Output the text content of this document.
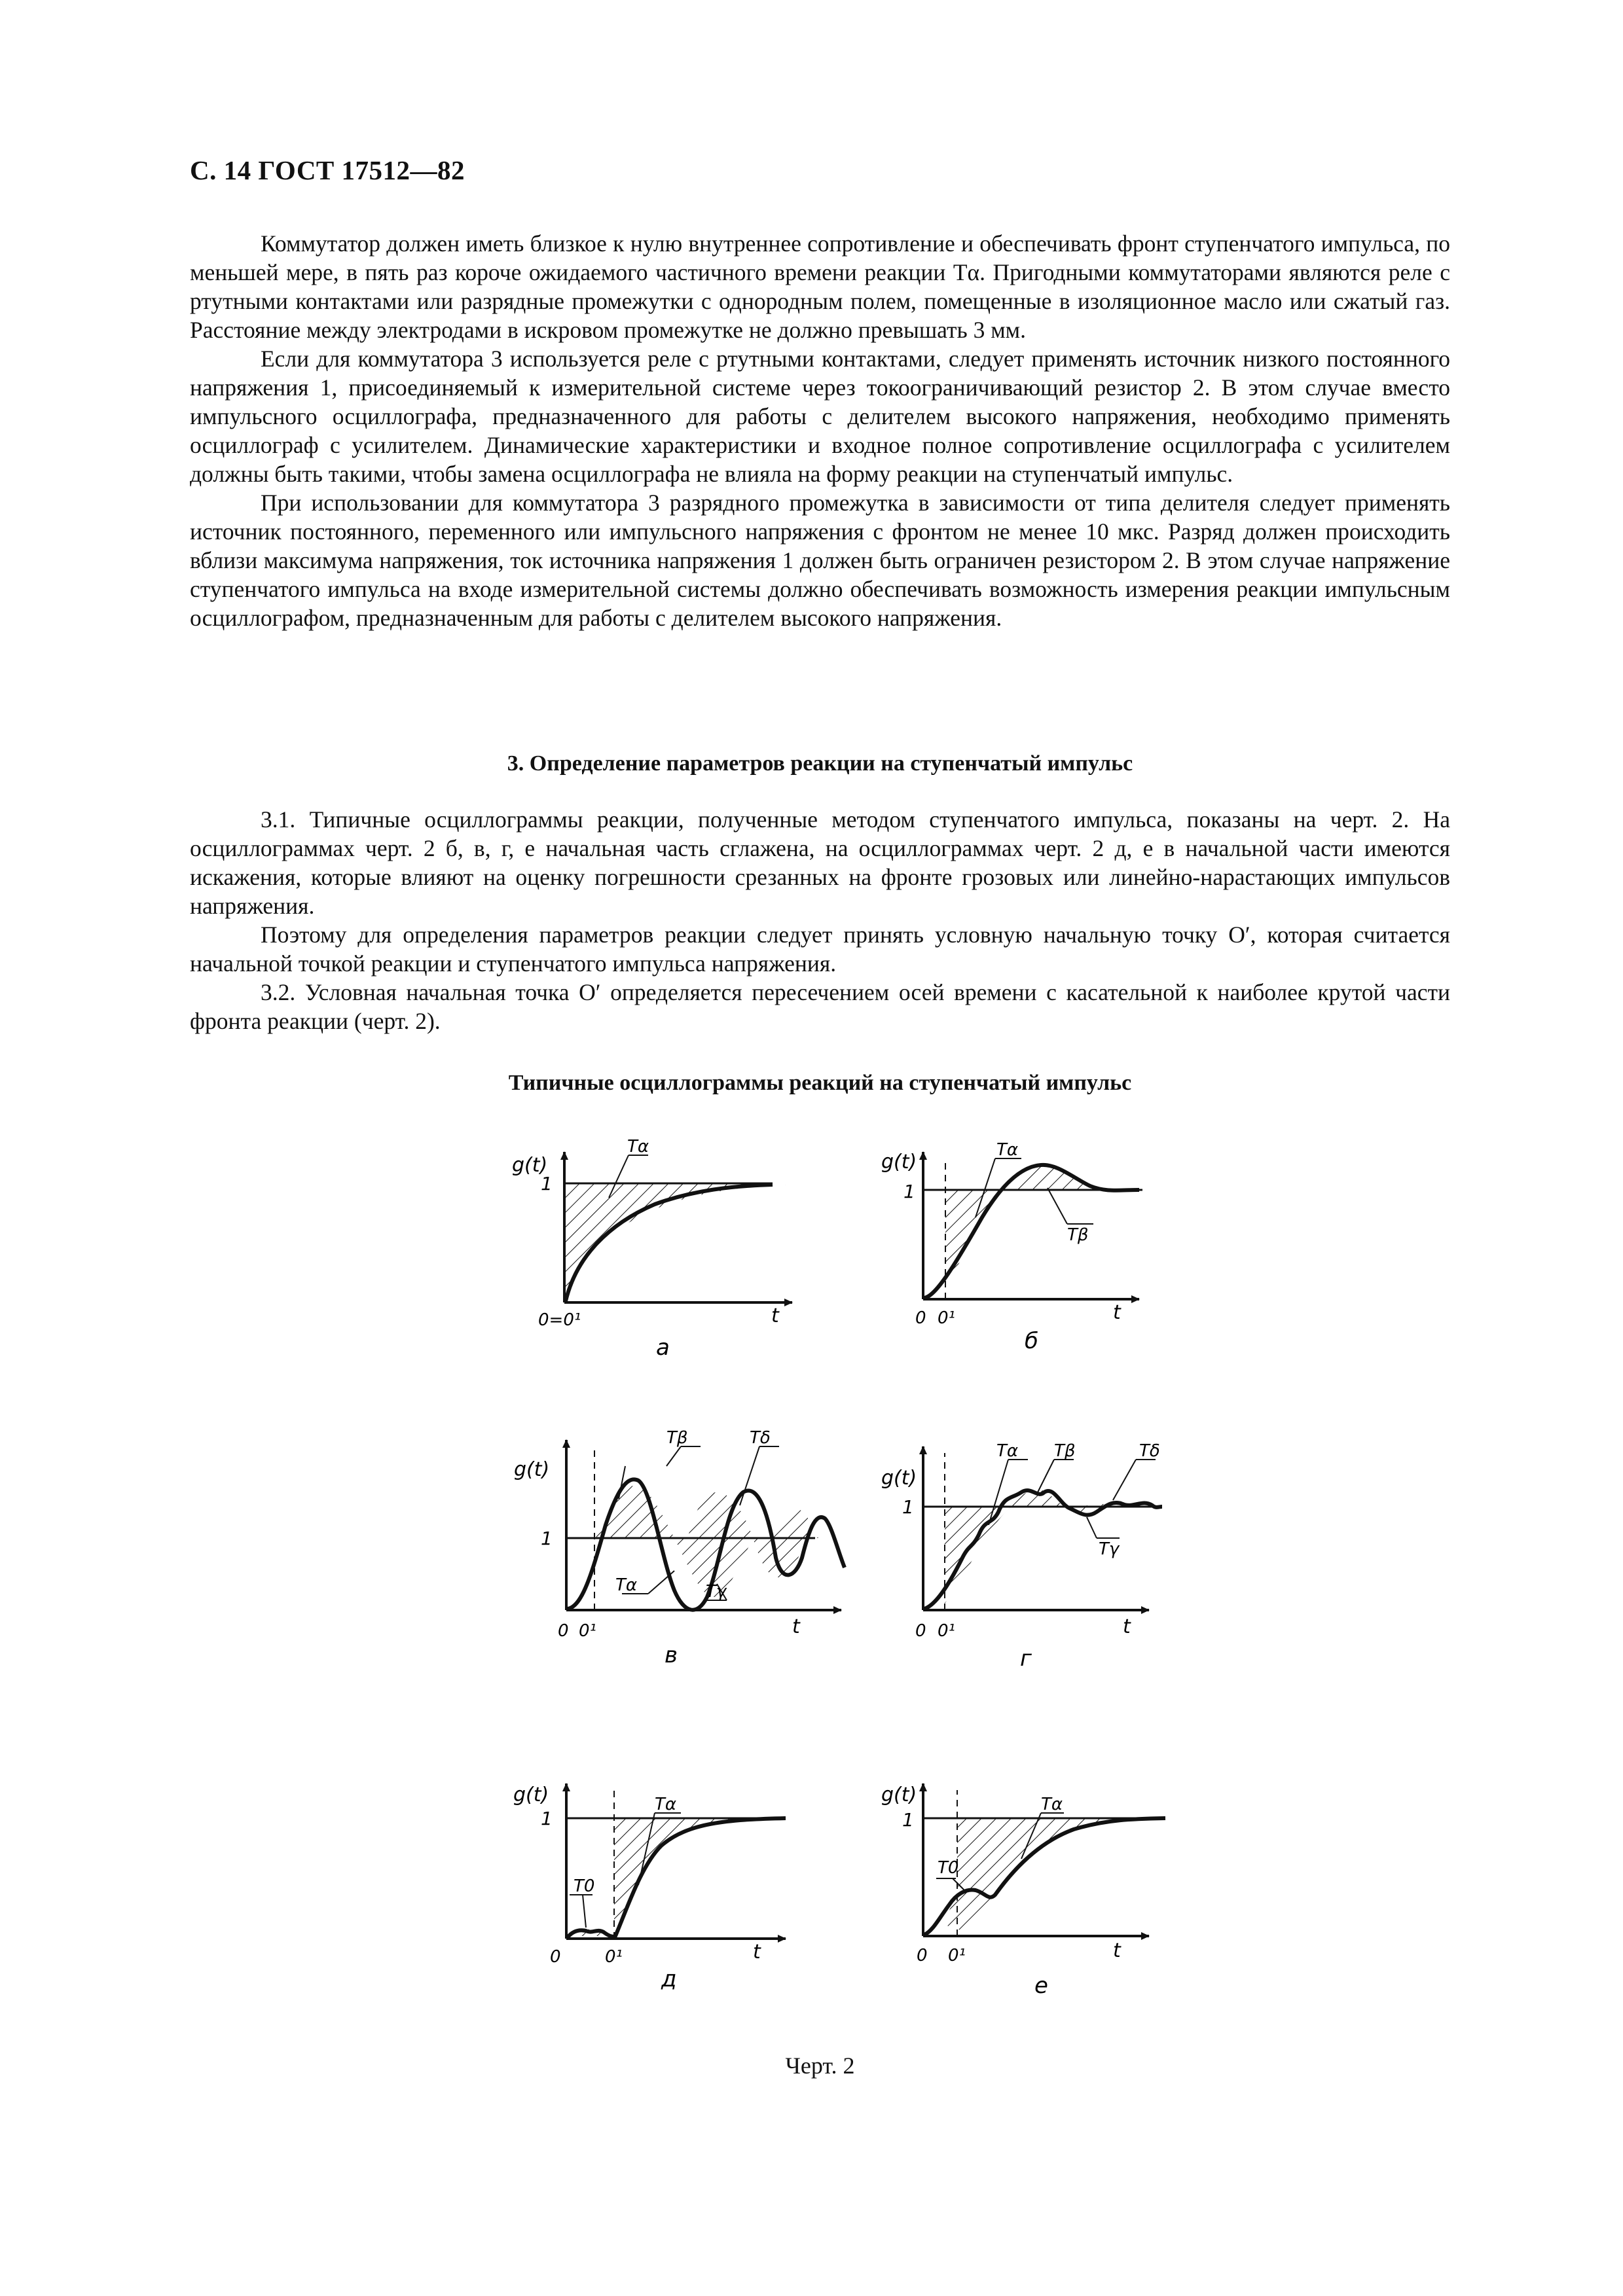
С. 14 ГОСТ 17512—82

Коммутатор должен иметь близкое к нулю внутреннее сопротивление и обеспечивать фронт ступенчатого импульса, по меньшей мере, в пять раз короче ожидаемого частичного времени реакции Tα. Пригодными коммутаторами являются реле с ртутными контактами или разрядные промежутки с однородным полем, помещенные в изоляционное масло или сжатый газ. Расстояние между электродами в искровом промежутке не должно превышать 3 мм.

Если для коммутатора 3 используется реле с ртутными контактами, следует применять источник низкого постоянного напряжения 1, присоединяемый к измерительной системе через токоограничивающий резистор 2. В этом случае вместо импульсного осциллографа, предназначенного для работы с делителем высокого напряжения, необходимо применять осциллограф с усилителем. Динамические характеристики и входное полное сопротивление осциллографа с усилителем должны быть такими, чтобы замена осциллографа не влияла на форму реакции на ступенчатый импульс.

При использовании для коммутатора 3 разрядного промежутка в зависимости от типа делителя следует применять источник постоянного, переменного или импульсного напряжения с фронтом не менее 10 мкс. Разряд должен происходить вблизи максимума напряжения, ток источника напряжения 1 должен быть ограничен резистором 2. В этом случае напряжение ступенчатого импульса на входе измерительной системы должно обеспечивать возможность измерения реакции импульсным осциллографом, предназначенным для работы с делителем высокого напряжения.

3. Определение параметров реакции на ступенчатый импульс

3.1. Типичные осциллограммы реакции, полученные методом ступенчатого импульса, показаны на черт. 2. На осциллограммах черт. 2 б, в, г, е начальная часть сглажена, на осциллограммах черт. 2 д, е в начальной части имеются искажения, которые влияют на оценку погрешности срезанных на фронте грозовых или линейно-нарастающих импульсов напряжения.

Поэтому для определения параметров реакции следует принять условную начальную точку О′, которая считается начальной точкой реакции и ступенчатого импульса напряжения.

3.2. Условная начальная точка О′ определяется пересечением осей времени с касательной к наиболее крутой части фронта реакции (черт. 2).

Типичные осциллограммы реакций на ступенчатый импульс
g(t)
1
Tα
0=0¹	t
а
g(t)
1
Tα
Tβ
0 0¹	t
б
g(t)
1
Tα
Tβ	Tδ
Tγ
0 0¹	t
в
g(t)
1
Tα Tβ	Tδ
Tγ
0 0¹	t
г
g(t)
1
Tα
T0
0	0¹	t
д
g(t)
1
Tα
T0
0 0¹	t
е
Черт. 2
